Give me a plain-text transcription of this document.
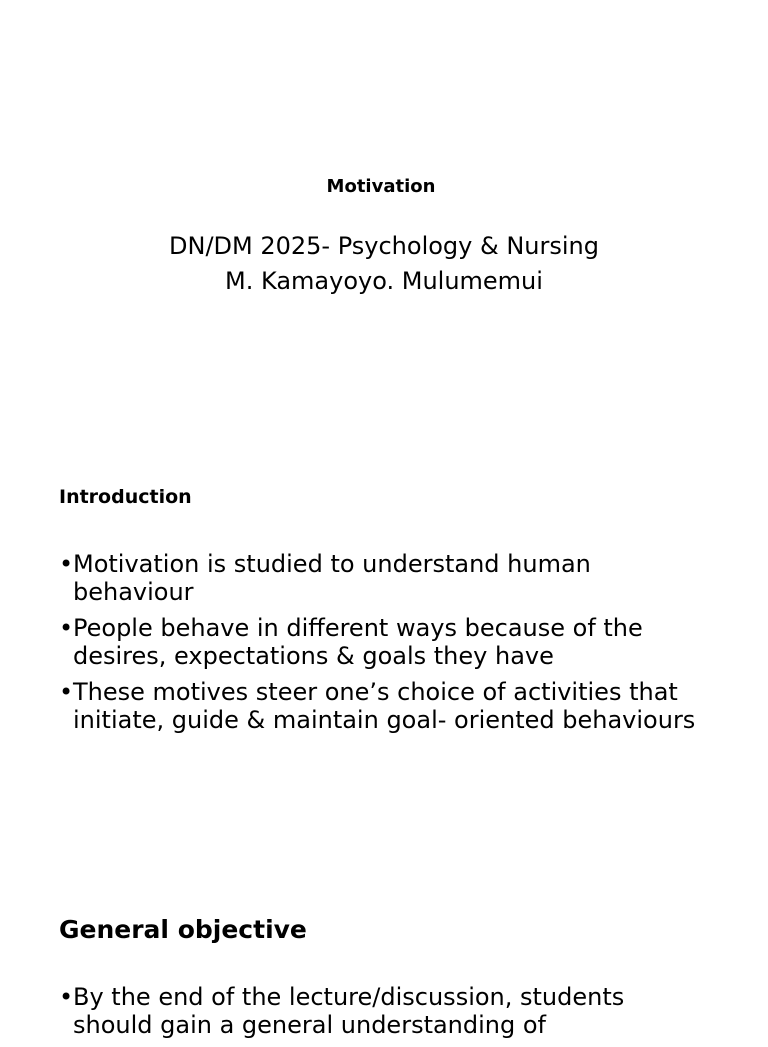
Motivation
DN/DM 2025- Psychology & Nursing
M. Kamayoyo. Mulumemui
Introduction
• Motivation is studied to understand human behaviour
• People behave in different ways because of the desires, expectations & goals they have
• These motives steer one’s choice of activities that initiate, guide & maintain goal- oriented behaviours
General objective
• By the end of the lecture/discussion, students should gain a general understanding of
